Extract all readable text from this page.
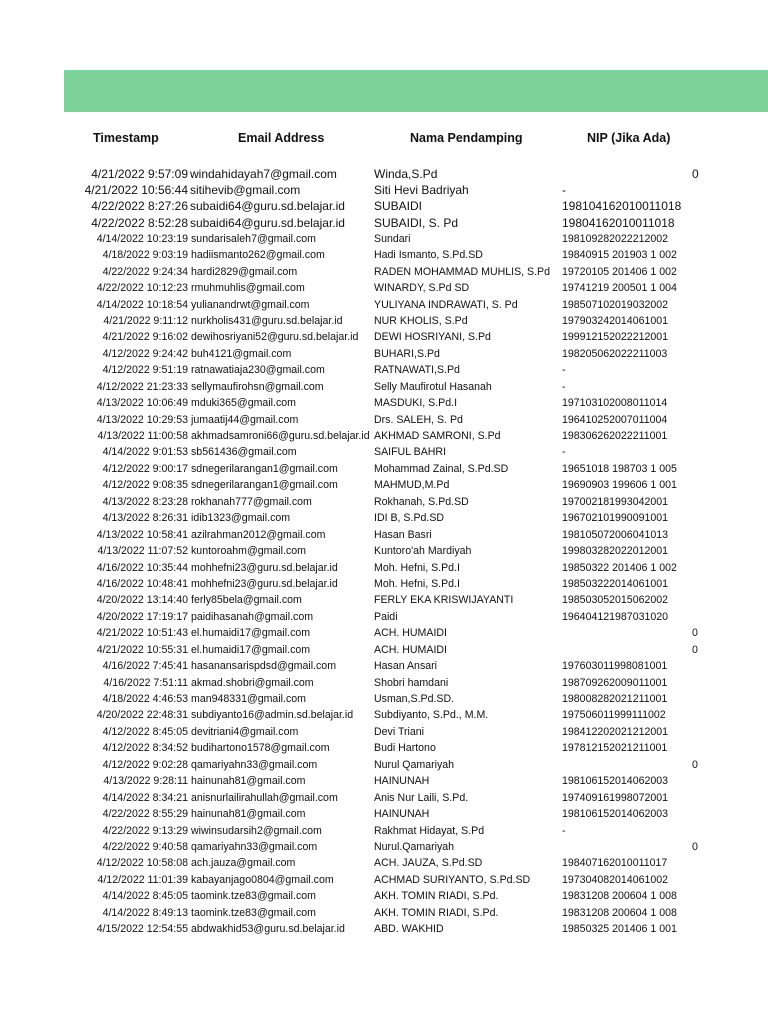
Timestamp	Email Address	Nama Pendamping	NIP (Jika Ada)
4/21/2022 9:57:09 windahidayah7@gmail.com	Winda,S.Pd	0
4/21/2022 10:56:44 sitihevib@gmail.com	Siti Hevi Badriyah	-
4/22/2022 8:27:26 subaidi64@guru.sd.belajar.id SUBAIDI	198104162010011018
4/22/2022 8:52:28 subaidi64@guru.sd.belajar.id SUBAIDI, S. Pd	19804162010011018
4/14/2022 10:23:19 sundarisaleh7@gmail.com	Sundari	198109282022212002
4/18/2022 9:03:19 hadiismanto262@gmail.com	Hadi Ismanto, S.Pd.SD	19840915 201903 1 002
4/22/2022 9:24:34 hardi2829@gmail.com	RADEN MOHAMMAD MUHLIS, S.Pd 19720105 201406 1 002
4/22/2022 10:12:23 rmuhmuhlis@gmail.com	WINARDY, S.Pd SD	19741219 200501 1 004
4/14/2022 10:18:54 yulianandrwt@gmail.com	YULIYANA INDRAWATI, S. Pd	198507102019032002
4/21/2022 9:11:12 nurkholis431@guru.sd.belajar.id	NUR KHOLIS, S.Pd	197903242014061001
4/21/2022 9:16:02 dewihosriyani52@guru.sd.belajar.id DEWI HOSRIYANI, S.Pd	199912152022212001
4/12/2022 9:24:42 buh4121@gmail.com	BUHARI,S.Pd	198205062022211003
4/12/2022 9:51:19 ratnawatiaja230@gmail.com	RATNAWATI,S.Pd	-
4/12/2022 21:23:33 sellymaufirohsn@gmail.com	Selly Maufirotul Hasanah	-
4/13/2022 10:06:49 mduki365@gmail.com	MASDUKI, S.Pd.I	197103102008011014
4/13/2022 10:29:53 jumaatij44@gmail.com	Drs. SALEH, S. Pd	196410252007011004
4/13/2022 11:00:58 akhmadsamroni66@guru.sd.belajar.id AKHMAD SAMRONI, S.Pd	198306262022211001
4/14/2022 9:01:53 sb561436@gmail.com	SAIFUL BAHRI	-
4/12/2022 9:00:17 sdnegerilarangan1@gmail.com	Mohammad Zainal, S.Pd.SD	19651018 198703 1 005
4/12/2022 9:08:35 sdnegerilarangan1@gmail.com	MAHMUD,M.Pd	19690903 199606 1 001
4/13/2022 8:23:28 rokhanah777@gmail.com	Rokhanah, S.Pd.SD	197002181993042001
4/13/2022 8:26:31 idib1323@gmail.com	IDI B, S.Pd.SD	196702101990091001
4/13/2022 10:58:41 azilrahman2012@gmail.com	Hasan Basri	198105072006041013
4/13/2022 11:07:52 kuntoroahm@gmail.com	Kuntoro'ah Mardiyah	199803282022012001
4/16/2022 10:35:44 mohhefni23@guru.sd.belajar.id	Moh. Hefni, S.Pd.I	19850322 201406 1 002
4/16/2022 10:48:41 mohhefni23@guru.sd.belajar.id	Moh. Hefni, S.Pd.I	198503222014061001
4/20/2022 13:14:40 ferly85bela@gmail.com	FERLY EKA KRISWIJAYANTI	198503052015062002
4/20/2022 17:19:17 paidihasanah@gmail.com	Paidi	196404121987031020
4/21/2022 10:51:43 el.humaidi17@gmail.com	ACH. HUMAIDI	0
4/21/2022 10:55:31 el.humaidi17@gmail.com	ACH. HUMAIDI	0
4/16/2022 7:45:41 hasanansarispdsd@gmail.com	Hasan Ansari	197603011998081001
4/16/2022 7:51:11 akmad.shobri@gmail.com	Shobri hamdani	198709262009011001
4/18/2022 4:46:53 man948331@gmail.com	Usman,S.Pd.SD.	198008282021211001
4/20/2022 22:48:31 subdiyanto16@admin.sd.belajar.id Subdiyanto, S.Pd., M.M.	197506011999111002
4/12/2022 8:45:05 devitriani4@gmail.com	Devi Triani	198412202021212001
4/12/2022 8:34:52 budihartono1578@gmail.com	Budi Hartono	197812152021211001
4/12/2022 9:02:28 qamariyahn33@gmail.com	Nurul Qamariyah	0
4/13/2022 9:28:11 hainunah81@gmail.com	HAINUNAH	198106152014062003
4/14/2022 8:34:21 anisnurlailirahullah@gmail.com	Anis Nur Laili, S.Pd.	197409161998072001
4/22/2022 8:55:29 hainunah81@gmail.com	HAINUNAH	198106152014062003
4/22/2022 9:13:29 wiwinsudarsih2@gmail.com	Rakhmat Hidayat, S.Pd	-
4/22/2022 9:40:58 qamariyahn33@gmail.com	Nurul.Qamariyah	0
4/12/2022 10:58:08 ach.jauza@gmail.com	ACH. JAUZA, S.Pd.SD	198407162010011017
4/12/2022 11:01:39 kabayanjago0804@gmail.com	ACHMAD SURIYANTO, S.Pd.SD	197304082014061002
4/14/2022 8:45:05 taomink.tze83@gmail.com	AKH. TOMIN RIADI, S.Pd.	19831208 200604 1 008
4/14/2022 8:49:13 taomink.tze83@gmail.com	AKH. TOMIN RIADI, S.Pd.	19831208 200604 1 008
4/15/2022 12:54:55 abdwakhid53@guru.sd.belajar.id	ABD. WAKHID	19850325 201406 1 001
